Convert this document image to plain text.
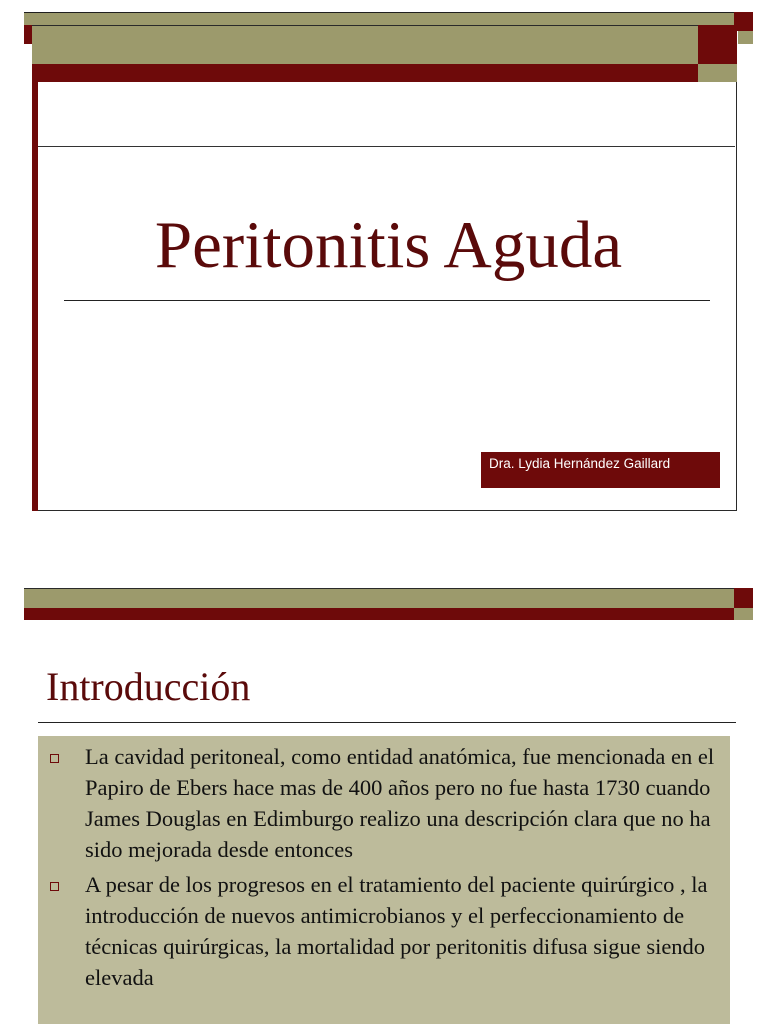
Peritonitis Aguda
Dra. Lydia Hernández Gaillard
Introducción
La cavidad peritoneal, como entidad anatómica, fue mencionada en el Papiro de Ebers hace mas de 400 años pero no fue hasta 1730 cuando James Douglas en Edimburgo realizo una descripción clara que no ha sido mejorada desde entonces
A pesar de los progresos en el tratamiento del paciente quirúrgico , la introducción de nuevos antimicrobianos y el perfeccionamiento de técnicas quirúrgicas, la mortalidad por peritonitis difusa sigue siendo elevada
